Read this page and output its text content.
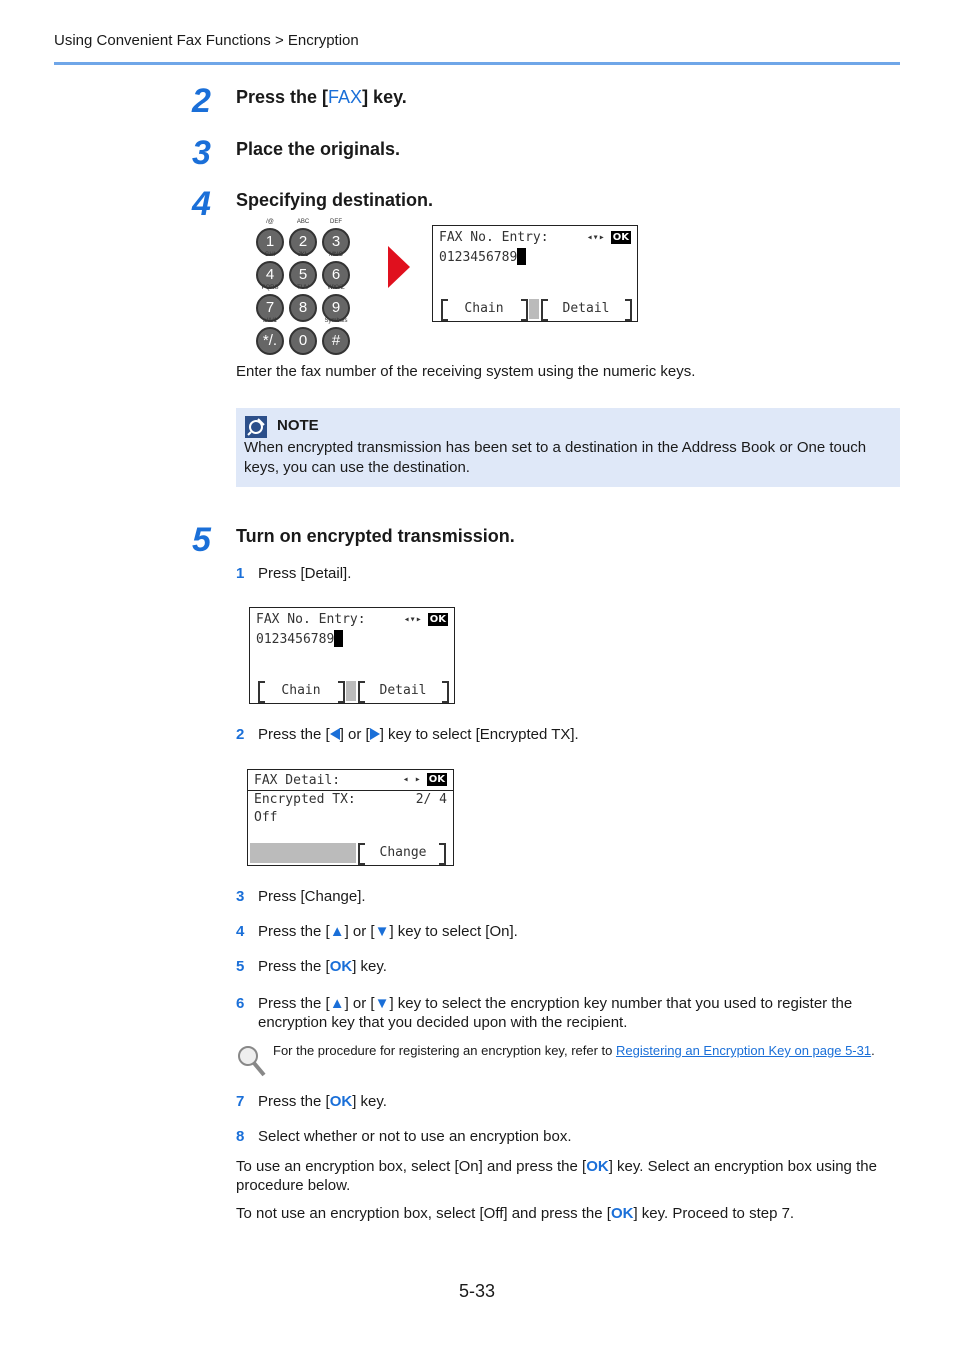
Using Convenient Fax Functions > Encryption
2 Press the [FAX] key.
3 Place the originals.
4 Specifying destination.
/@
1
ABC
2
DEF
3
GHI
4
JKL
5
MNO
6
PQRS
7
TUV
8
WXYZ
9
a/A/1
*/.
·
0
Symbols
#
FAX No. Entry:	◂▾▸ OK
0123456789
Chain	Detail
Enter the fax number of the receiving system using the numeric keys.
NOTE
When encrypted transmission has been set to a destination in the Address Book or One touch keys, you can use the destination.
5 Turn on encrypted transmission.
1 Press [Detail].
FAX No. Entry:	◂▾▸ OK
0123456789
Chain	Detail
2 Press the [ ] or [ ] key to select [Encrypted TX].
FAX Detail:	◂ ▸ OK
Encrypted TX:	2/ 4
Off
Change
3 Press [Change].
4 Press the [▲] or [▼] key to select [On].
5 Press the [OK] key.
6 Press the [▲] or [▼] key to select the encryption key number that you used to register the encryption key that you decided upon with the recipient.
For the procedure for registering an encryption key, refer to Registering an Encryption Key on page 5-31.
7 Press the [OK] key.
8 Select whether or not to use an encryption box.
To use an encryption box, select [On] and press the [OK] key. Select an encryption box using the procedure below.
To not use an encryption box, select [Off] and press the [OK] key. Proceed to step 7.
5-33
